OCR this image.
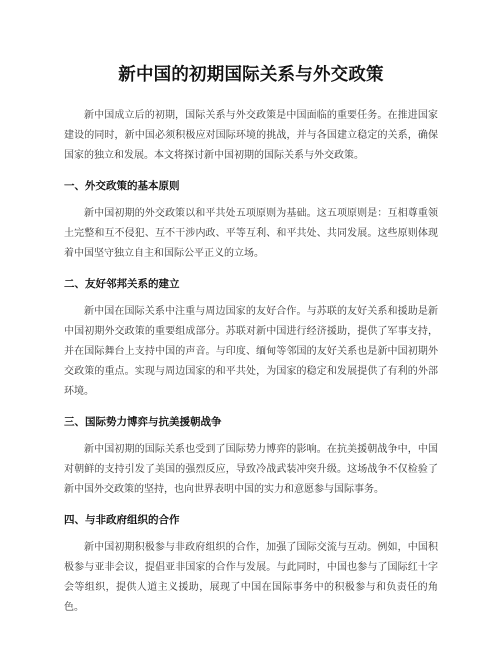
新中国的初期国际关系与外交政策

新中国成立后的初期，国际关系与外交政策是中国面临的重要任务。在推进国家建设的同时，新中国必须积极应对国际环境的挑战，并与各国建立稳定的关系，确保国家的独立和发展。本文将探讨新中国初期的国际关系与外交政策。

一、外交政策的基本原则

新中国初期的外交政策以和平共处五项原则为基础。这五项原则是：互相尊重领土完整和互不侵犯、互不干涉内政、平等互利、和平共处、共同发展。这些原则体现着中国坚守独立自主和国际公平正义的立场。

二、友好邻邦关系的建立

新中国在国际关系中注重与周边国家的友好合作。与苏联的友好关系和援助是新中国初期外交政策的重要组成部分。苏联对新中国进行经济援助，提供了军事支持，并在国际舞台上支持中国的声音。与印度、缅甸等邻国的友好关系也是新中国初期外交政策的重点。实现与周边国家的和平共处，为国家的稳定和发展提供了有利的外部环境。

三、国际势力博弈与抗美援朝战争

新中国初期的国际关系也受到了国际势力博弈的影响。在抗美援朝战争中，中国对朝鲜的支持引发了美国的强烈反应，导致冷战武装冲突升级。这场战争不仅检验了新中国外交政策的坚持，也向世界表明中国的实力和意愿参与国际事务。

四、与非政府组织的合作

新中国初期积极参与非政府组织的合作，加强了国际交流与互动。例如，中国积极参与亚非会议，提倡亚非国家的合作与发展。与此同时，中国也参与了国际红十字会等组织，提供人道主义援助，展现了中国在国际事务中的积极参与和负责任的角色。
